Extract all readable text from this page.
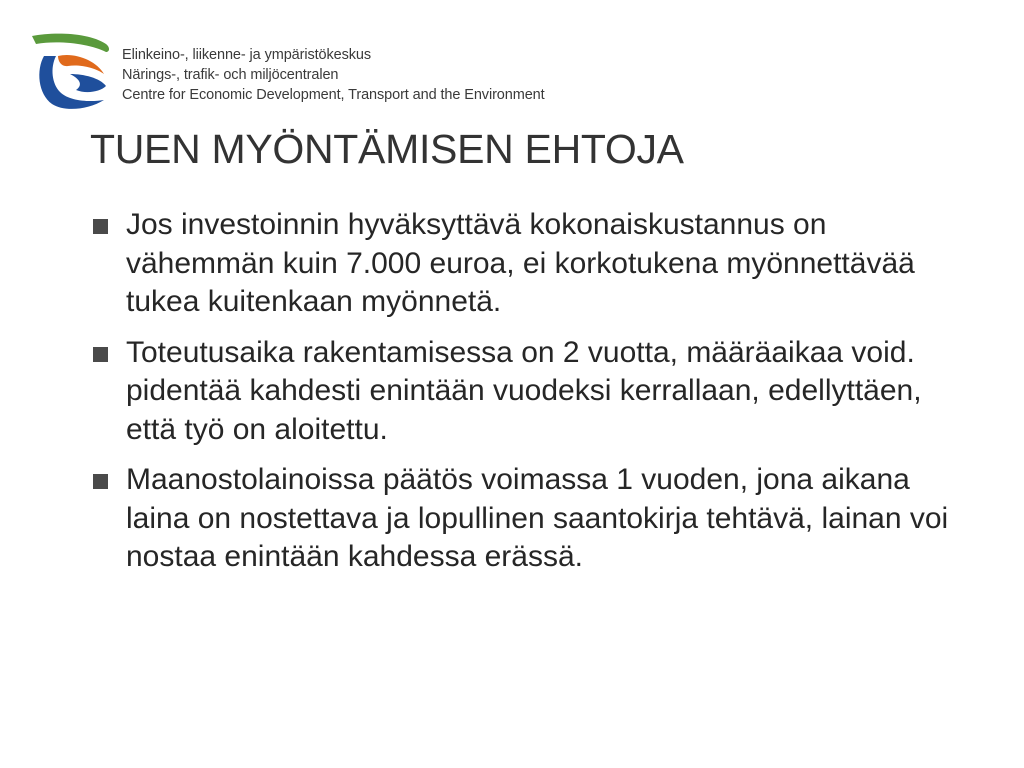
Elinkeino-, liikenne- ja ympäristökeskus
Närings-, trafik- och miljöcentralen
Centre for Economic Development, Transport and the Environment
TUEN MYÖNTÄMISEN EHTOJA
Jos investoinnin hyväksyttävä kokonaiskustannus on vähemmän kuin 7.000 euroa, ei korkotukena myönnettävää tukea kuitenkaan myönnetä.
Toteutusaika rakentamisessa on 2 vuotta, määräaikaa void. pidentää kahdesti enintään vuodeksi kerrallaan, edellyttäen, että työ on aloitettu.
Maanostolainoissa päätös voimassa 1 vuoden, jona aikana laina on nostettava ja lopullinen saantokirja tehtävä, lainan voi nostaa enintään kahdessa erässä.
